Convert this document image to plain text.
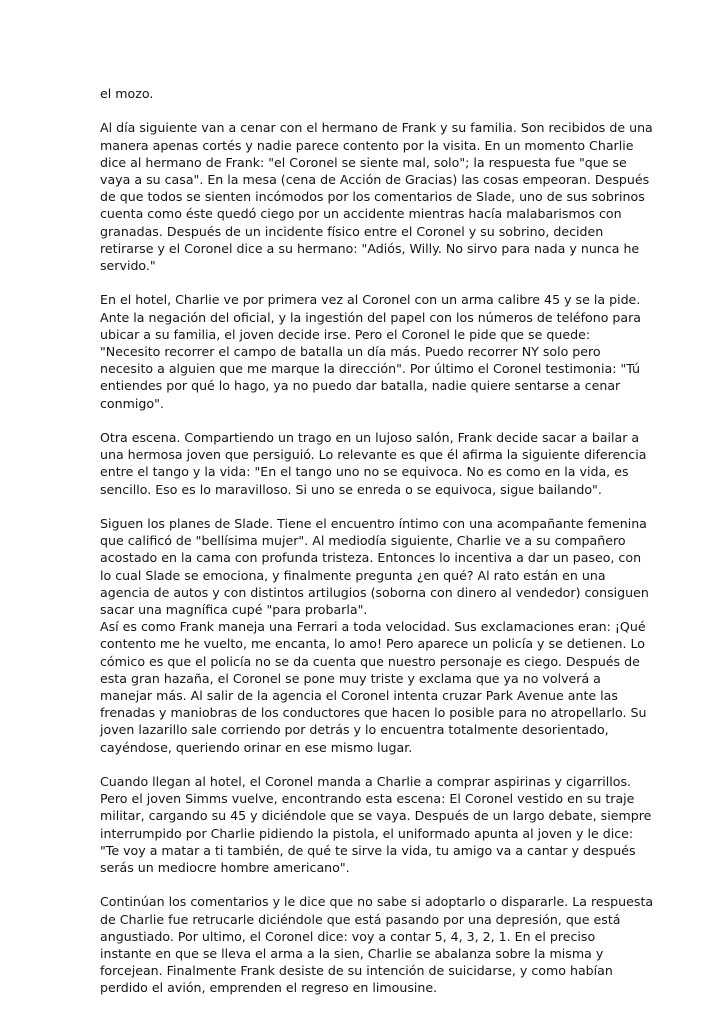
el mozo.

Al día siguiente van a cenar con el hermano de Frank y su familia. Son recibidos de una
manera apenas cortés y nadie parece contento por la visita. En un momento Charlie
dice al hermano de Frank: "el Coronel se siente mal, solo"; la respuesta fue "que se
vaya a su casa". En la mesa (cena de Acción de Gracias) las cosas empeoran. Después
de que todos se sienten incómodos por los comentarios de Slade, uno de sus sobrinos
cuenta como éste quedó ciego por un accidente mientras hacía malabarismos con
granadas. Después de un incidente físico entre el Coronel y su sobrino, deciden
retirarse y el Coronel dice a su hermano: "Adiós, Willy. No sirvo para nada y nunca he
servido."

En el hotel, Charlie ve por primera vez al Coronel con un arma calibre 45 y se la pide.
Ante la negación del oficial, y la ingestión del papel con los números de teléfono para
ubicar a su familia, el joven decide irse. Pero el Coronel le pide que se quede:
"Necesito recorrer el campo de batalla un día más. Puedo recorrer NY solo pero
necesito a alguien que me marque la dirección". Por último el Coronel testimonia: "Tú
entiendes por qué lo hago, ya no puedo dar batalla, nadie quiere sentarse a cenar
conmigo".

Otra escena. Compartiendo un trago en un lujoso salón, Frank decide sacar a bailar a
una hermosa joven que persiguió. Lo relevante es que él afirma la siguiente diferencia
entre el tango y la vida: "En el tango uno no se equivoca. No es como en la vida, es
sencillo. Eso es lo maravilloso. Si uno se enreda o se equivoca, sigue bailando".

Siguen los planes de Slade. Tiene el encuentro íntimo con una acompañante femenina
que calificó de "bellísima mujer". Al mediodía siguiente, Charlie ve a su compañero
acostado en la cama con profunda tristeza. Entonces lo incentiva a dar un paseo, con
lo cual Slade se emociona, y finalmente pregunta ¿en qué? Al rato están en una
agencia de autos y con distintos artilugios (soborna con dinero al vendedor) consiguen
sacar una magnífica cupé "para probarla".

Así es como Frank maneja una Ferrari a toda velocidad. Sus exclamaciones eran: ¡Qué
contento me he vuelto, me encanta, lo amo! Pero aparece un policía y se detienen. Lo
cómico es que el policía no se da cuenta que nuestro personaje es ciego. Después de
esta gran hazaña, el Coronel se pone muy triste y exclama que ya no volverá a
manejar más. Al salir de la agencia el Coronel intenta cruzar Park Avenue ante las
frenadas y maniobras de los conductores que hacen lo posible para no atropellarlo. Su
joven lazarillo sale corriendo por detrás y lo encuentra totalmente desorientado,
cayéndose, queriendo orinar en ese mismo lugar.

Cuando llegan al hotel, el Coronel manda a Charlie a comprar aspirinas y cigarrillos.
Pero el joven Simms vuelve, encontrando esta escena: El Coronel vestido en su traje
militar, cargando su 45 y diciéndole que se vaya. Después de un largo debate, siempre
interrumpido por Charlie pidiendo la pistola, el uniformado apunta al joven y le dice:
"Te voy a matar a ti también, de qué te sirve la vida, tu amigo va a cantar y después
serás un mediocre hombre americano".

Continúan los comentarios y le dice que no sabe si adoptarlo o dispararle. La respuesta
de Charlie fue retrucarle diciéndole que está pasando por una depresión, que está
angustiado. Por ultimo, el Coronel dice: voy a contar 5, 4, 3, 2, 1. En el preciso
instante en que se lleva el arma a la sien, Charlie se abalanza sobre la misma y
forcejean. Finalmente Frank desiste de su intención de suicidarse, y como habían
perdido el avión, emprenden el regreso en limousine.
